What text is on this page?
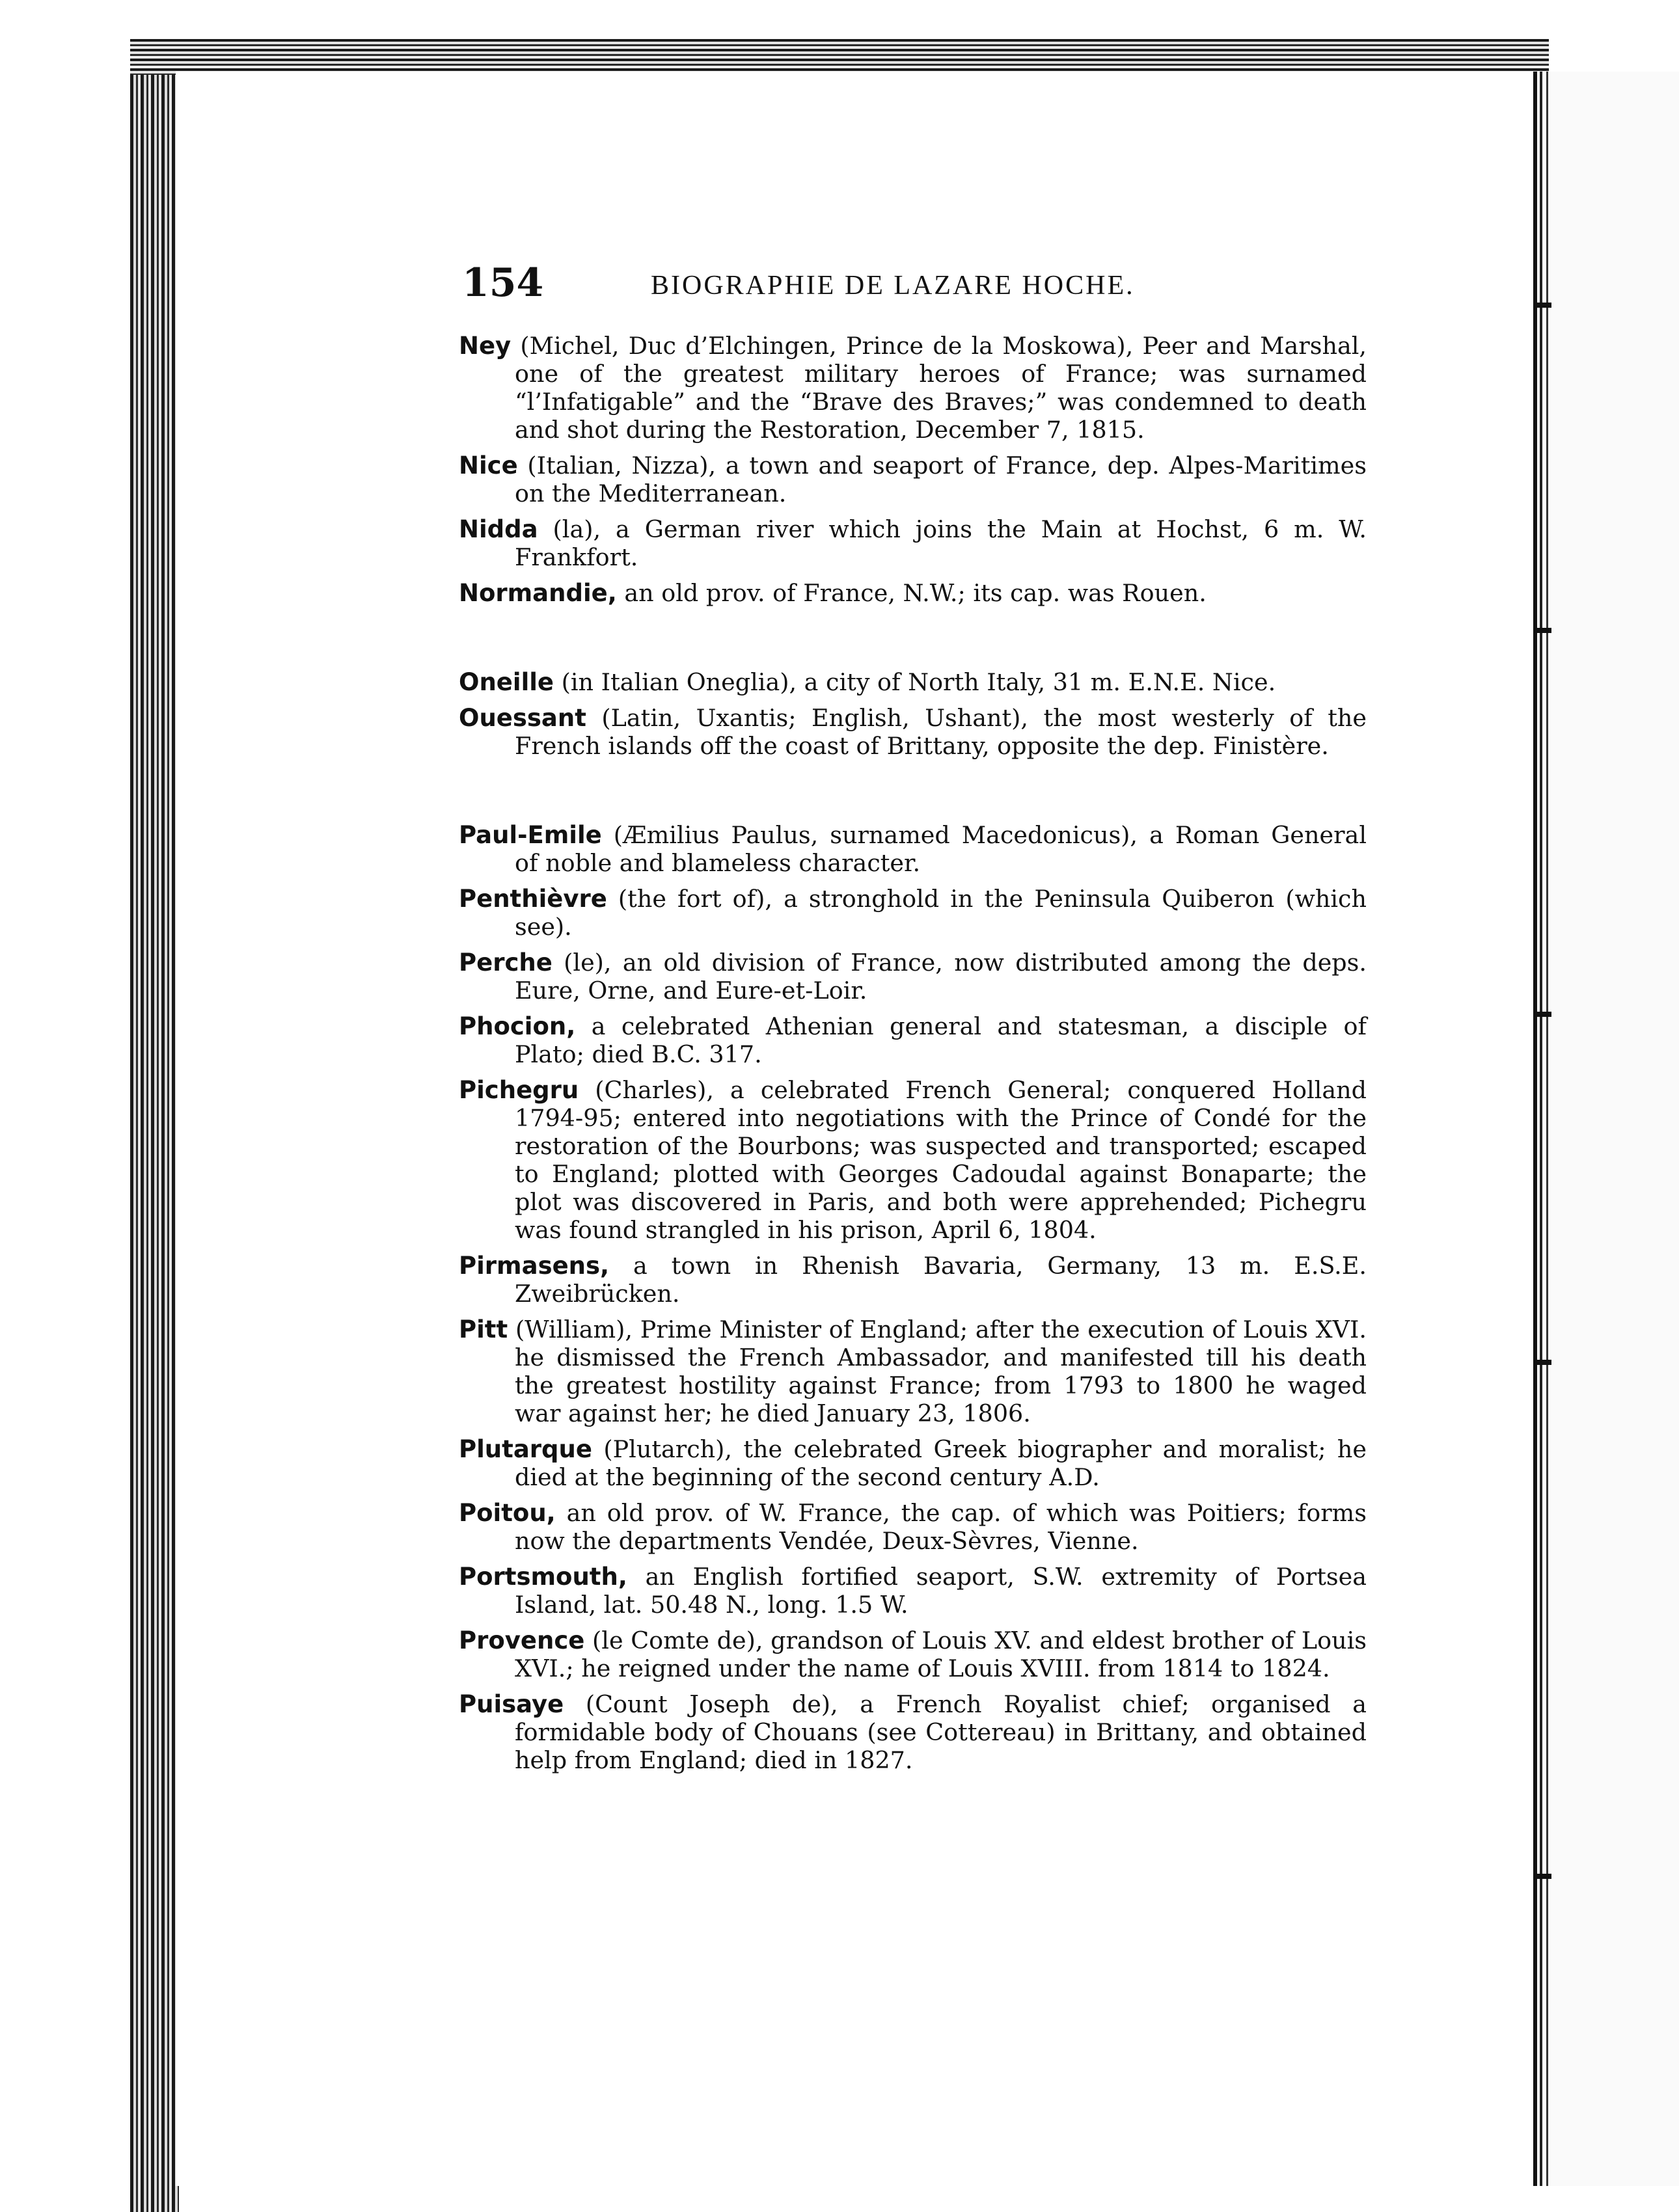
154	BIOGRAPHIE DE LAZARE HOCHE.

Ney (Michel, Duc d’Elchingen, Prince de la Moskowa), Peer and Marshal, one of the greatest military heroes of France; was surnamed “l’Infatigable” and the “Brave des Braves;” was condemned to death and shot during the Restoration, December 7, 1815.

Nice (Italian, Nizza), a town and seaport of France, dep. Alpes-Maritimes on the Mediterranean.

Nidda (la), a German river which joins the Main at Hochst, 6 m. W. Frankfort.

Normandie, an old prov. of France, N.W.; its cap. was Rouen.

Oneille (in Italian Oneglia), a city of North Italy, 31 m. E.N.E. Nice.

Ouessant (Latin, Uxantis; English, Ushant), the most westerly of the French islands off the coast of Brittany, opposite the dep. Finistère.

Paul-Emile (Æmilius Paulus, surnamed Macedonicus), a Roman General of noble and blameless character.

Penthièvre (the fort of), a stronghold in the Peninsula Quiberon (which see).

Perche (le), an old division of France, now distributed among the deps. Eure, Orne, and Eure-et-Loir.

Phocion, a celebrated Athenian general and statesman, a disciple of Plato; died B.C. 317.

Pichegru (Charles), a celebrated French General; conquered Holland 1794-95; entered into negotiations with the Prince of Condé for the restoration of the Bourbons; was suspected and transported; escaped to England; plotted with Georges Cadoudal against Bonaparte; the plot was discovered in Paris, and both were apprehended; Pichegru was found strangled in his prison, April 6, 1804.

Pirmasens, a town in Rhenish Bavaria, Germany, 13 m. E.S.E. Zweibrücken.

Pitt (William), Prime Minister of England; after the execution of Louis XVI. he dismissed the French Ambassador, and manifested till his death the greatest hostility against France; from 1793 to 1800 he waged war against her; he died January 23, 1806.

Plutarque (Plutarch), the celebrated Greek biographer and moralist; he died at the beginning of the second century A.D.

Poitou, an old prov. of W. France, the cap. of which was Poitiers; forms now the departments Vendée, Deux-Sèvres, Vienne.

Portsmouth, an English fortified seaport, S.W. extremity of Portsea Island, lat. 50.48 N., long. 1.5 W.

Provence (le Comte de), grandson of Louis XV. and eldest brother of Louis XVI.; he reigned under the name of Louis XVIII. from 1814 to 1824.

Puisaye (Count Joseph de), a French Royalist chief; organised a formidable body of Chouans (see Cottereau) in Brittany, and obtained help from England; died in 1827.
